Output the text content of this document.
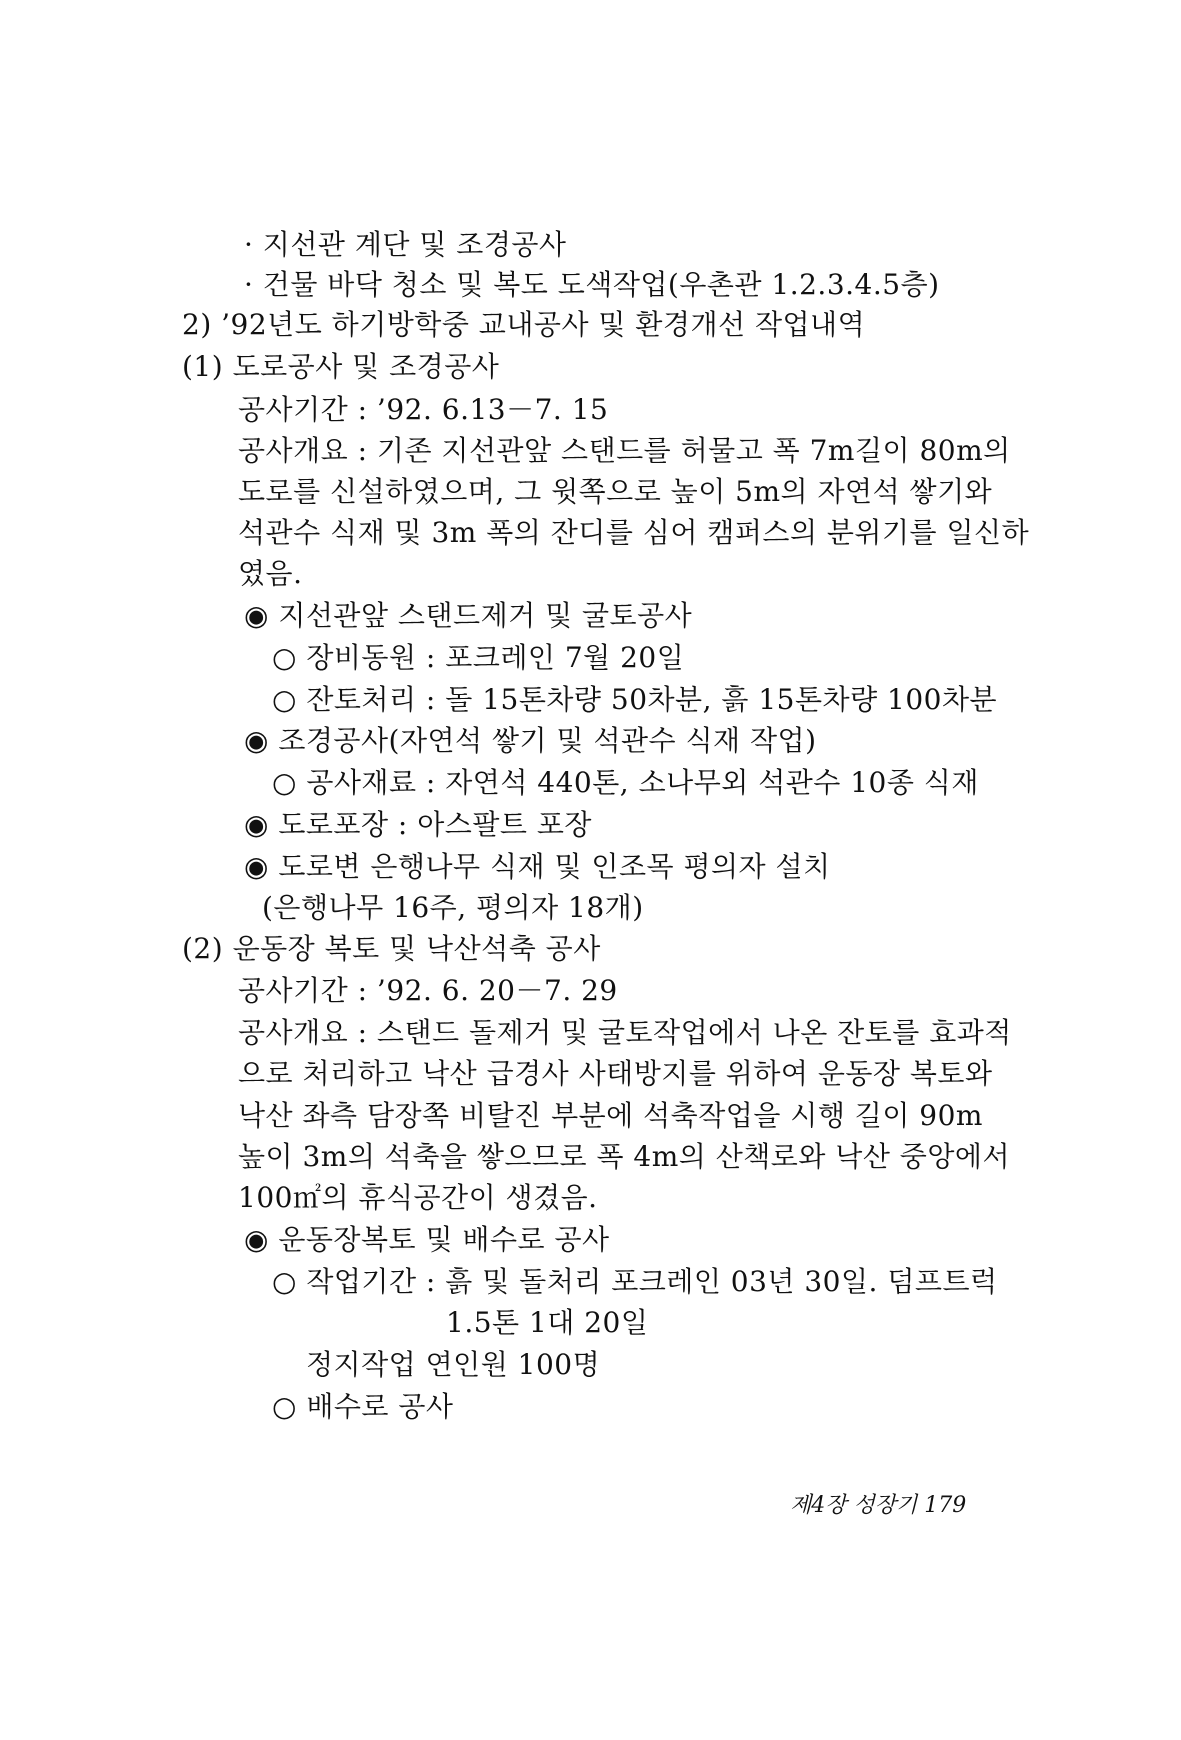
· 지선관 계단 및 조경공사
· 건물 바닥 청소 및 복도 도색작업(우촌관 1.2.3.4.5층)
2) ’92년도 하기방학중 교내공사 및 환경개선 작업내역
(1) 도로공사 및 조경공사
공사기간 : ’92. 6.13－7. 15
공사개요 : 기존 지선관앞 스탠드를 허물고 폭 7m길이 80m의
도로를 신설하였으며, 그 윗쪽으로 높이 5m의 자연석 쌓기와
석관수 식재 및 3m 폭의 잔디를 심어 캠퍼스의 분위기를 일신하
였음.
◉ 지선관앞 스탠드제거 및 굴토공사
○ 장비동원 : 포크레인 7월 20일
○ 잔토처리 : 돌 15톤차량 50차분, 흙 15톤차량 100차분
◉ 조경공사(자연석 쌓기 및 석관수 식재 작업)
○ 공사재료 : 자연석 440톤, 소나무외 석관수 10종 식재
◉ 도로포장 : 아스팔트 포장
◉ 도로변 은행나무 식재 및 인조목 평의자 설치
(은행나무 16주, 평의자 18개)
(2) 운동장 복토 및 낙산석축 공사
공사기간 : ’92. 6. 20－7. 29
공사개요 : 스탠드 돌제거 및 굴토작업에서 나온 잔토를 효과적
으로 처리하고 낙산 급경사 사태방지를 위하여 운동장 복토와
낙산 좌측 담장쪽 비탈진 부분에 석축작업을 시행 길이 90m
높이 3m의 석축을 쌓으므로 폭 4m의 산책로와 낙산 중앙에서
100㎡의 휴식공간이 생겼음.
◉ 운동장복토 및 배수로 공사
○ 작업기간 : 흙 및 돌처리 포크레인 03년 30일. 덤프트럭
1.5톤 1대 20일
정지작업 연인원 100명
○ 배수로 공사
제4장 성장기 179
